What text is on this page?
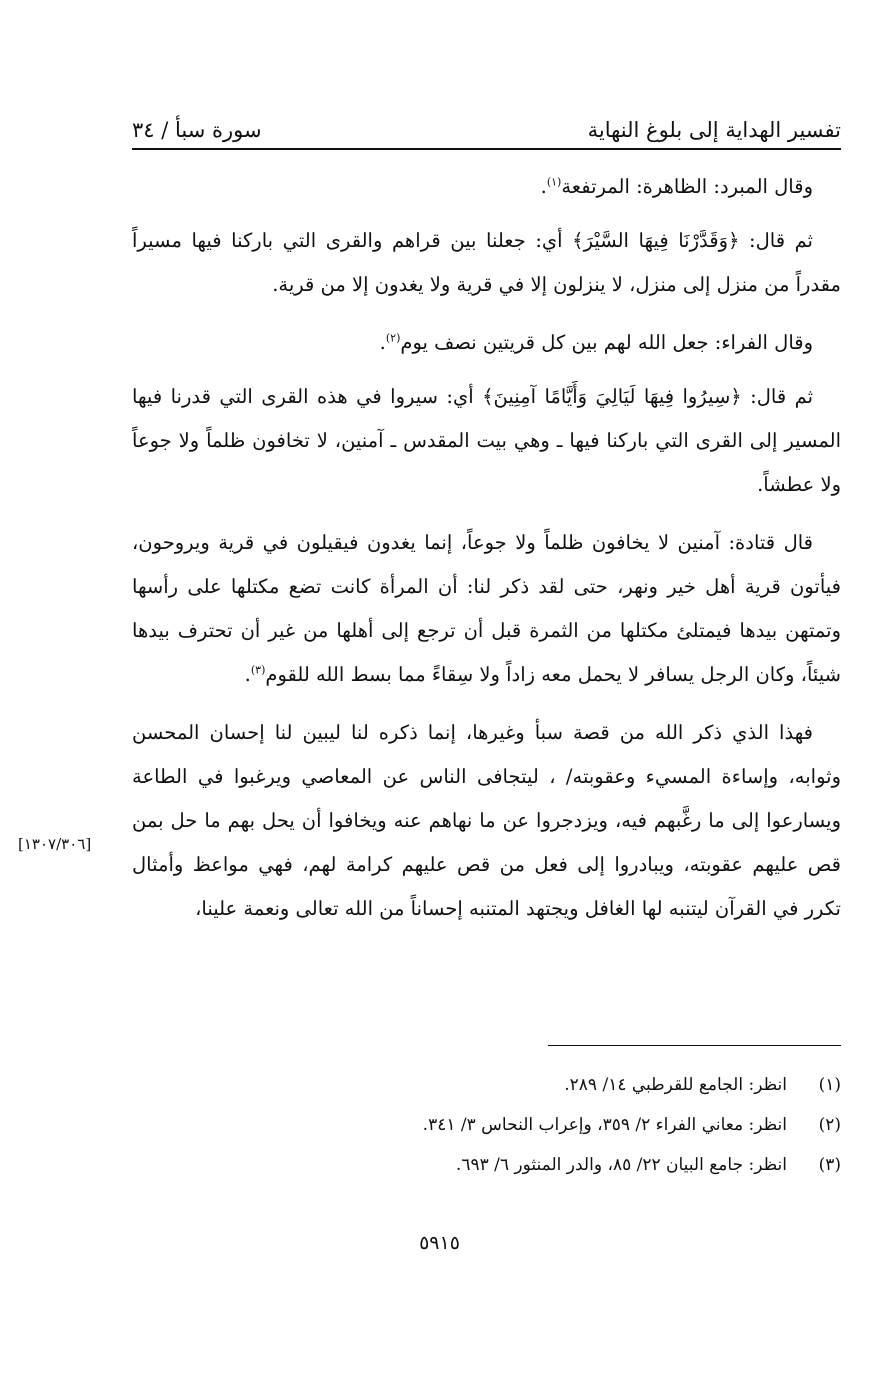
تفسير الهداية إلى بلوغ النهاية
سورة سبأ / ٣٤

وقال المبرد: الظاهرة: المرتفعة$^{(١)}$.

ثم قال: ﴿وَقَدَّرْنَا فِيهَا السَّيْرَ﴾ أي: جعلنا بين قراهم والقرى التي باركنا فيها مسيراً مقدراً من منزل إلى منزل، لا ينزلون إلا في قرية ولا يغدون إلا من قرية.

وقال الفراء: جعل الله لهم بين كل قريتين نصف يوم$^{(٢)}$.

ثم قال: ﴿سِيرُوا فِيهَا لَيَالِيَ وَأَيَّامًا آمِنِينَ﴾ أي: سيروا في هذه القرى التي قدرنا فيها المسير إلى القرى التي باركنا فيها ـ وهي بيت المقدس ـ آمنين، لا تخافون ظلماً ولا جوعاً ولا عطشاً.

قال قتادة: آمنين لا يخافون ظلماً ولا جوعاً، إنما يغدون فيقيلون في قرية ويروحون، فيأتون قرية أهل خير ونهر، حتى لقد ذكر لنا: أن المرأة كانت تضع مكتلها على رأسها وتمتهن بيدها فيمتلئ مكتلها من الثمرة قبل أن ترجع إلى أهلها من غير أن تحترف بيدها شيئاً، وكان الرجل يسافر لا يحمل معه زاداً ولا سِقاءً مما بسط الله للقوم$^{(٣)}$.

فهذا الذي ذكر الله من قصة سبأ وغيرها، إنما ذكره لنا ليبين لنا إحسان المحسن وثوابه، وإساءة المسيء وعقوبته/ ، ليتجافى الناس عن المعاصي ويرغبوا في الطاعة ويسارعوا إلى ما رغَّبهم فيه، ويزدجروا عن ما نهاهم عنه ويخافوا أن يحل بهم ما حل بمن قص عليهم عقوبته، ويبادروا إلى فعل من قص عليهم كرامة لهم، فهي مواعظ وأمثال تكرر في القرآن ليتنبه لها الغافل ويجتهد المتنبه إحساناً من الله تعالى ونعمة علينا،

[١٣٠٧/٣٠٦]
(١)
انظر: الجامع للقرطبي ١٤/ ٢٨٩.
(٢)
انظر: معاني الفراء ٢/ ٣٥٩، وإعراب النحاس ٣/ ٣٤١.
(٣)
انظر: جامع البيان ٢٢/ ٨٥، والدر المنثور ٦/ ٦٩٣.
٥٩١٥
